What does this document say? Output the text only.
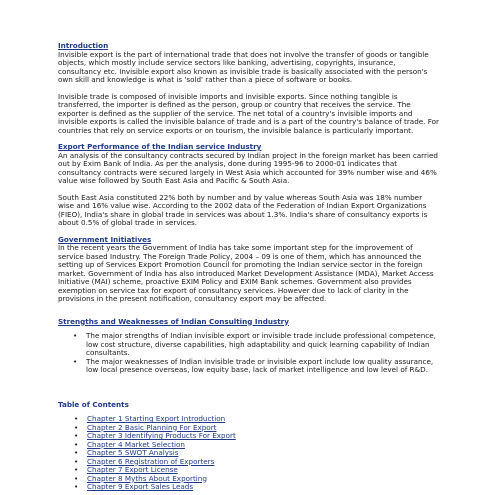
Introduction

Invisible export is the part of international trade that does not involve the transfer of goods or tangible objects, which mostly include service sectors like banking, advertising, copyrights, insurance, consultancy etc. Invisible export also known as invisible trade is basically associated with the person's own skill and knowledge is what is 'sold' rather than a piece of software or books.

Invisible trade is composed of invisible imports and invisible exports. Since nothing tangible is transferred, the importer is defined as the person, group or country that receives the service. The exporter is defined as the supplier of the service. The net total of a country's invisible imports and invisible exports is called the invisible balance of trade and is a part of the country's balance of trade. For countries that rely on service exports or on tourism, the invisible balance is particularly important.

Export Performance of the Indian service Industry

An analysis of the consultancy contracts secured by Indian project in the foreign market has been carried out by Exim Bank of India. As per the analysis, done during 1995-96 to 2000-01 indicates that consultancy contracts were secured largely in West Asia which accounted for 39% number wise and 46% value wise followed by South East Asia and Pacific & South Asia.

South East Asia constituted 22% both by number and by value whereas South Asia was 18% number wise and 16% value wise. According to the 2002 data of the Federation of Indian Export Organizations (FIEO), India's share in global trade in services was about 1.3%. India's share of consultancy exports is about 0.5% of global trade in services.

Government Initiatives

In the recent years the Government of India has take some important step for the improvement of service based Industry. The Foreign Trade Policy, 2004 – 09 is one of them, which has announced the setting up of Services Export Promotion Council for promoting the Indian service sector in the foreign market. Government of India has also introduced Market Development Assistance (MDA), Market Access Initiative (MAI) scheme, proactive EXIM Policy and EXIM Bank schemes. Government also provides exemption on service tax for export of consultancy services. However due to lack of clarity in the provisions in the present notification, consultancy export may be affected.

Strengths and Weaknesses of Indian Consulting Industry
• The major strengths of Indian invisible export or invisible trade include professional competence, low cost structure, diverse capabilities, high adaptability and quick learning capability of Indian consultants.
• The major weaknesses of Indian invisible trade or invisible export include low quality assurance, low local presence overseas, low equity base, lack of market intelligence and low level of R&D.
Table of Contents
• Chapter 1 Starting Export Introduction
• Chapter 2 Basic Planning For Export
• Chapter 3 Identifying Products For Export
• Chapter 4 Market Selection
• Chapter 5 SWOT Analysis
• Chapter 6 Registration of Exporters
• Chapter 7 Export License
• Chapter 8 Myths About Exporting
• Chapter 9 Export Sales Leads
